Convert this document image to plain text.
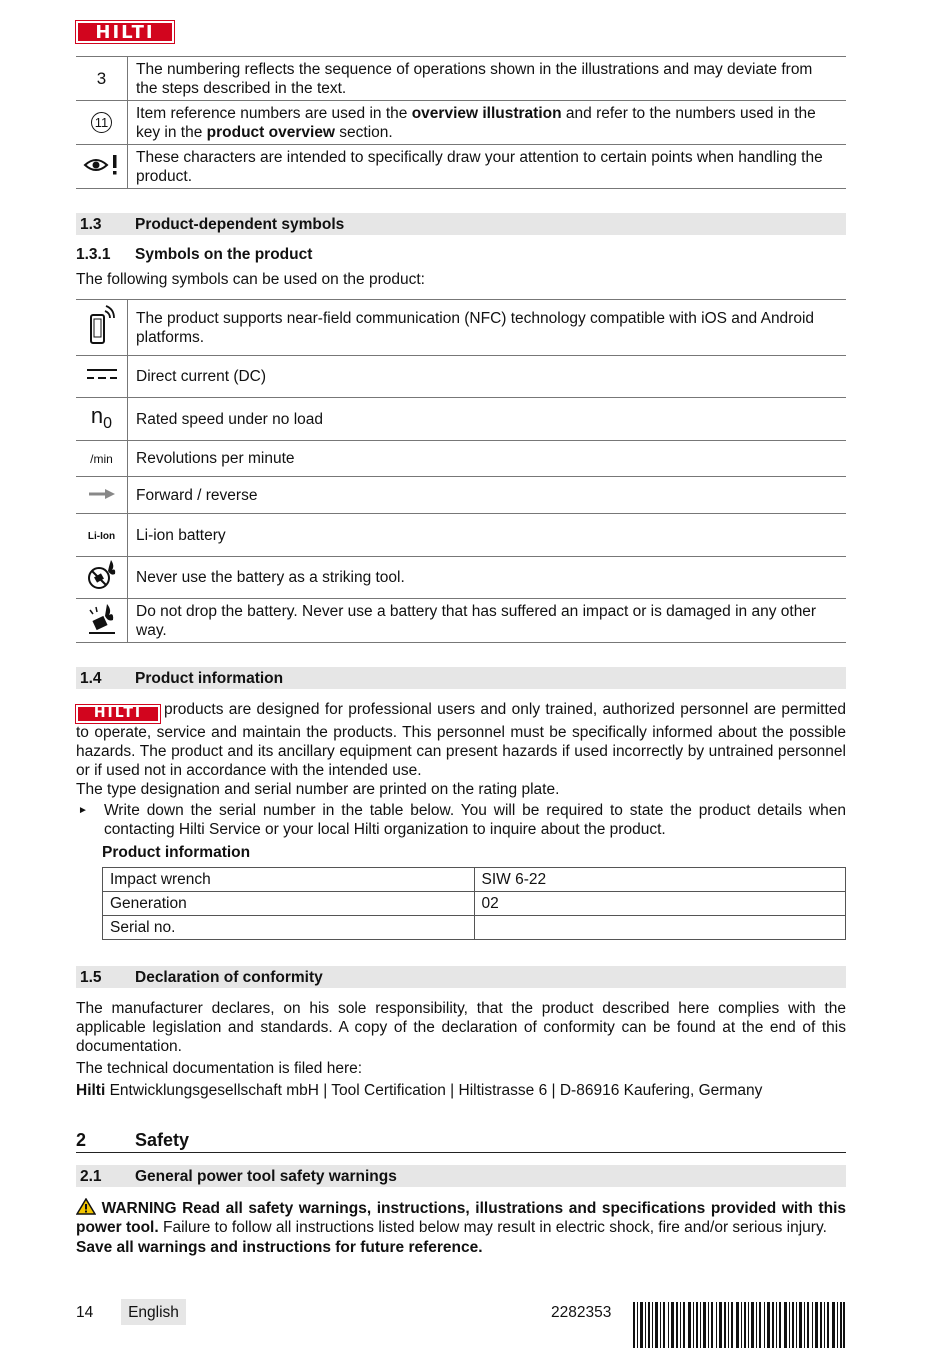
HILTI
3	The numbering reflects the sequence of operations shown in the illustrations and may deviate from the steps described in the text.
11	Item reference numbers are used in the overview illustration and refer to the numbers used in the key in the product overview section.
	These characters are intended to specifically draw your attention to certain points when handling the product.
1.3	Product-dependent symbols
1.3.1	Symbols on the product

The following symbols can be used on the product:

	The product supports near-field communication (NFC) technology compatible with iOS and Android platforms.
	Direct current (DC)
n0	Rated speed under no load
/min	Revolutions per minute
	Forward / reverse
Li-Ion	Li-ion battery
	Never use the battery as a striking tool.
	Do not drop the battery. Never use a battery that has suffered an impact or is damaged in any other way.
1.4	Product information

HILTI products are designed for professional users and only trained, authorized personnel are permitted to operate, service and maintain the products. This personnel must be specifically informed about the possible hazards. The product and its ancillary equipment can present hazards if used incorrectly by untrained personnel or if used not in accordance with the intended use.

The type designation and serial number are printed on the rating plate.

►	Write down the serial number in the table below. You will be required to state the product details when contacting Hilti Service or your local Hilti organization to inquire about the product.

Product information

Impact wrench	SIW 6-22
Generation	02
Serial no.	
1.5	Declaration of conformity

The manufacturer declares, on his sole responsibility, that the product described here complies with the applicable legislation and standards. A copy of the declaration of conformity can be found at the end of this documentation.

The technical documentation is filed here:

Hilti Entwicklungsgesellschaft mbH | Tool Certification | Hiltistrasse 6 | D-86916 Kaufering, Germany

2	Safety
2.1	General power tool safety warnings

WARNING Read all safety warnings, instructions, illustrations and specifications provided with this power tool. Failure to follow all instructions listed below may result in electric shock, fire and/or serious injury.

Save all warnings and instructions for future reference.

14 English	2282353
